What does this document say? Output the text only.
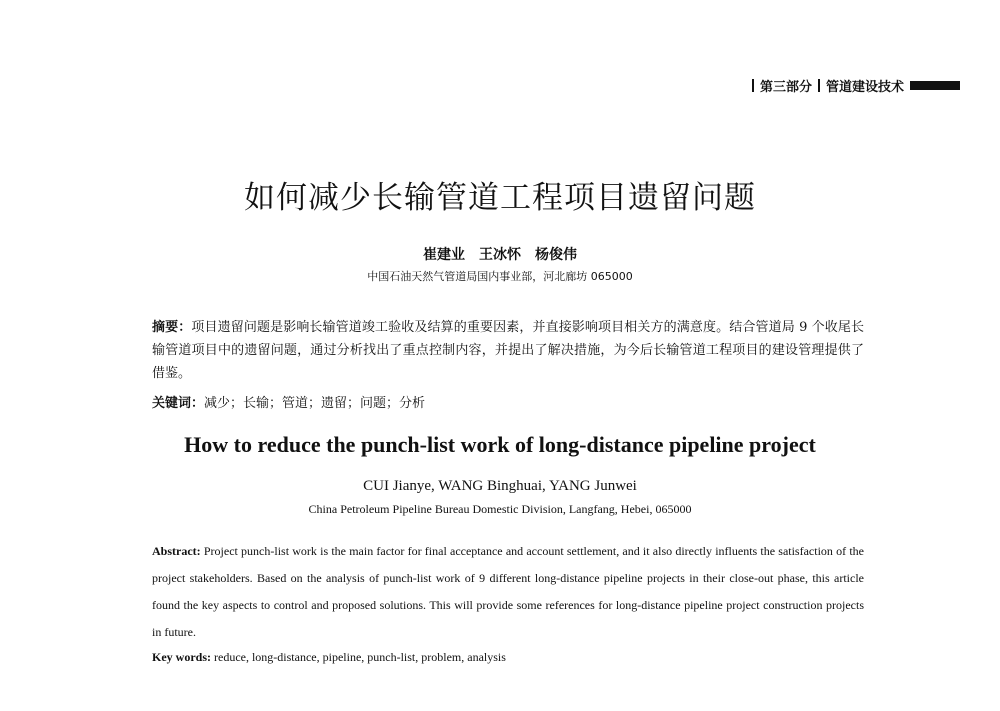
第三部分 管道建设技术
如何减少长输管道工程项目遗留问题
崔建业　王冰怀　杨俊伟
中国石油天然气管道局国内事业部，河北廊坊 065000
摘要：项目遗留问题是影响长输管道竣工验收及结算的重要因素，并直接影响项目相关方的满意度。结合管道局 9 个收尾长输管道项目中的遗留问题，通过分析找出了重点控制内容，并提出了解决措施，为今后长输管道工程项目的建设管理提供了借鉴。
关键词：减少；长输；管道；遗留；问题；分析
How to reduce the punch-list work of long-distance pipeline project
CUI Jianye, WANG Binghuai, YANG Junwei
China Petroleum Pipeline Bureau Domestic Division, Langfang, Hebei, 065000
Abstract: Project punch-list work is the main factor for final acceptance and account settlement, and it also directly influents the satisfaction of the project stakeholders. Based on the analysis of punch-list work of 9 different long-distance pipeline projects in their close-out phase, this article found the key aspects to control and proposed solutions. This will provide some references for long-distance pipeline project construction projects in future.
Key words: reduce, long-distance, pipeline, punch-list, problem, analysis
